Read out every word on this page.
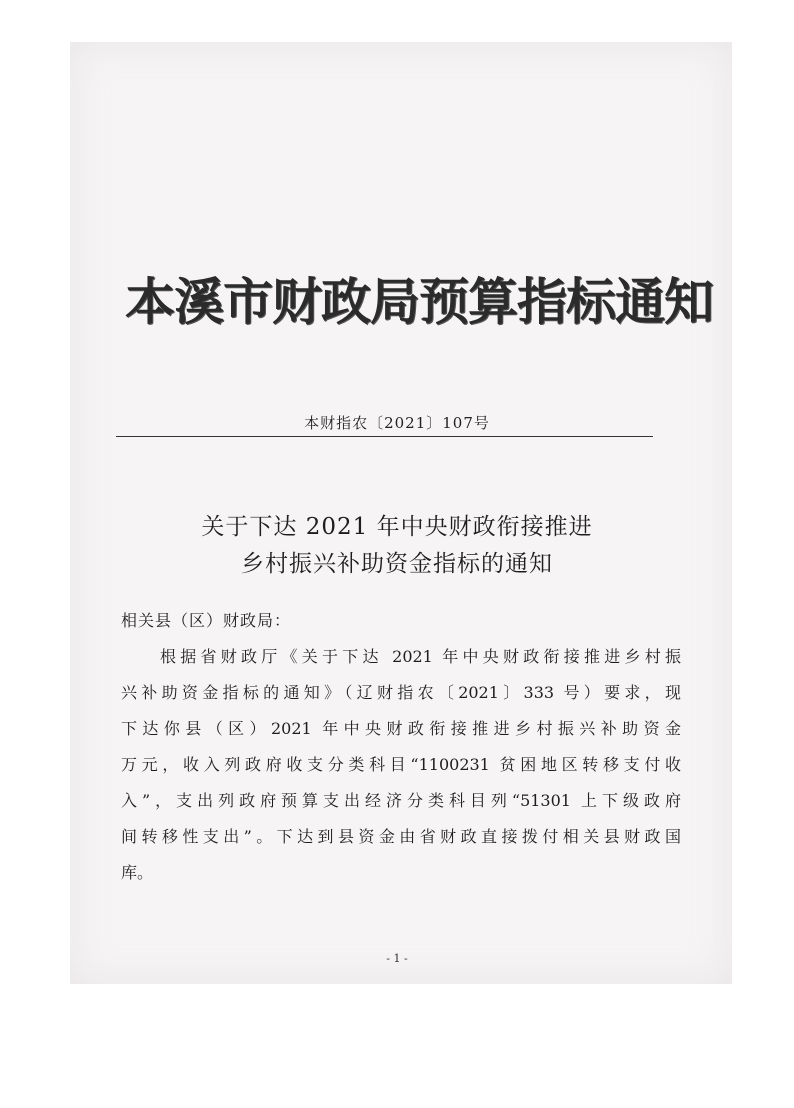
本溪市财政局预算指标通知
本财指农〔2021〕107号
关于下达 2021 年中央财政衔接推进
乡村振兴补助资金指标的通知
相关县（区）财政局：
根据省财政厅《关于下达 2021 年中央财政衔接推进乡村振
兴补助资金指标的通知》（辽财指农〔2021〕333 号）要求，现
下达你县（区）2021 年中央财政衔接推进乡村振兴补助资金
万元，收入列政府收支分类科目“1100231 贫困地区转移支付收
入”，支出列政府预算支出经济分类科目列“51301 上下级政府
间转移性支出”。下达到县资金由省财政直接拨付相关县财政国
库。
- 1 -
